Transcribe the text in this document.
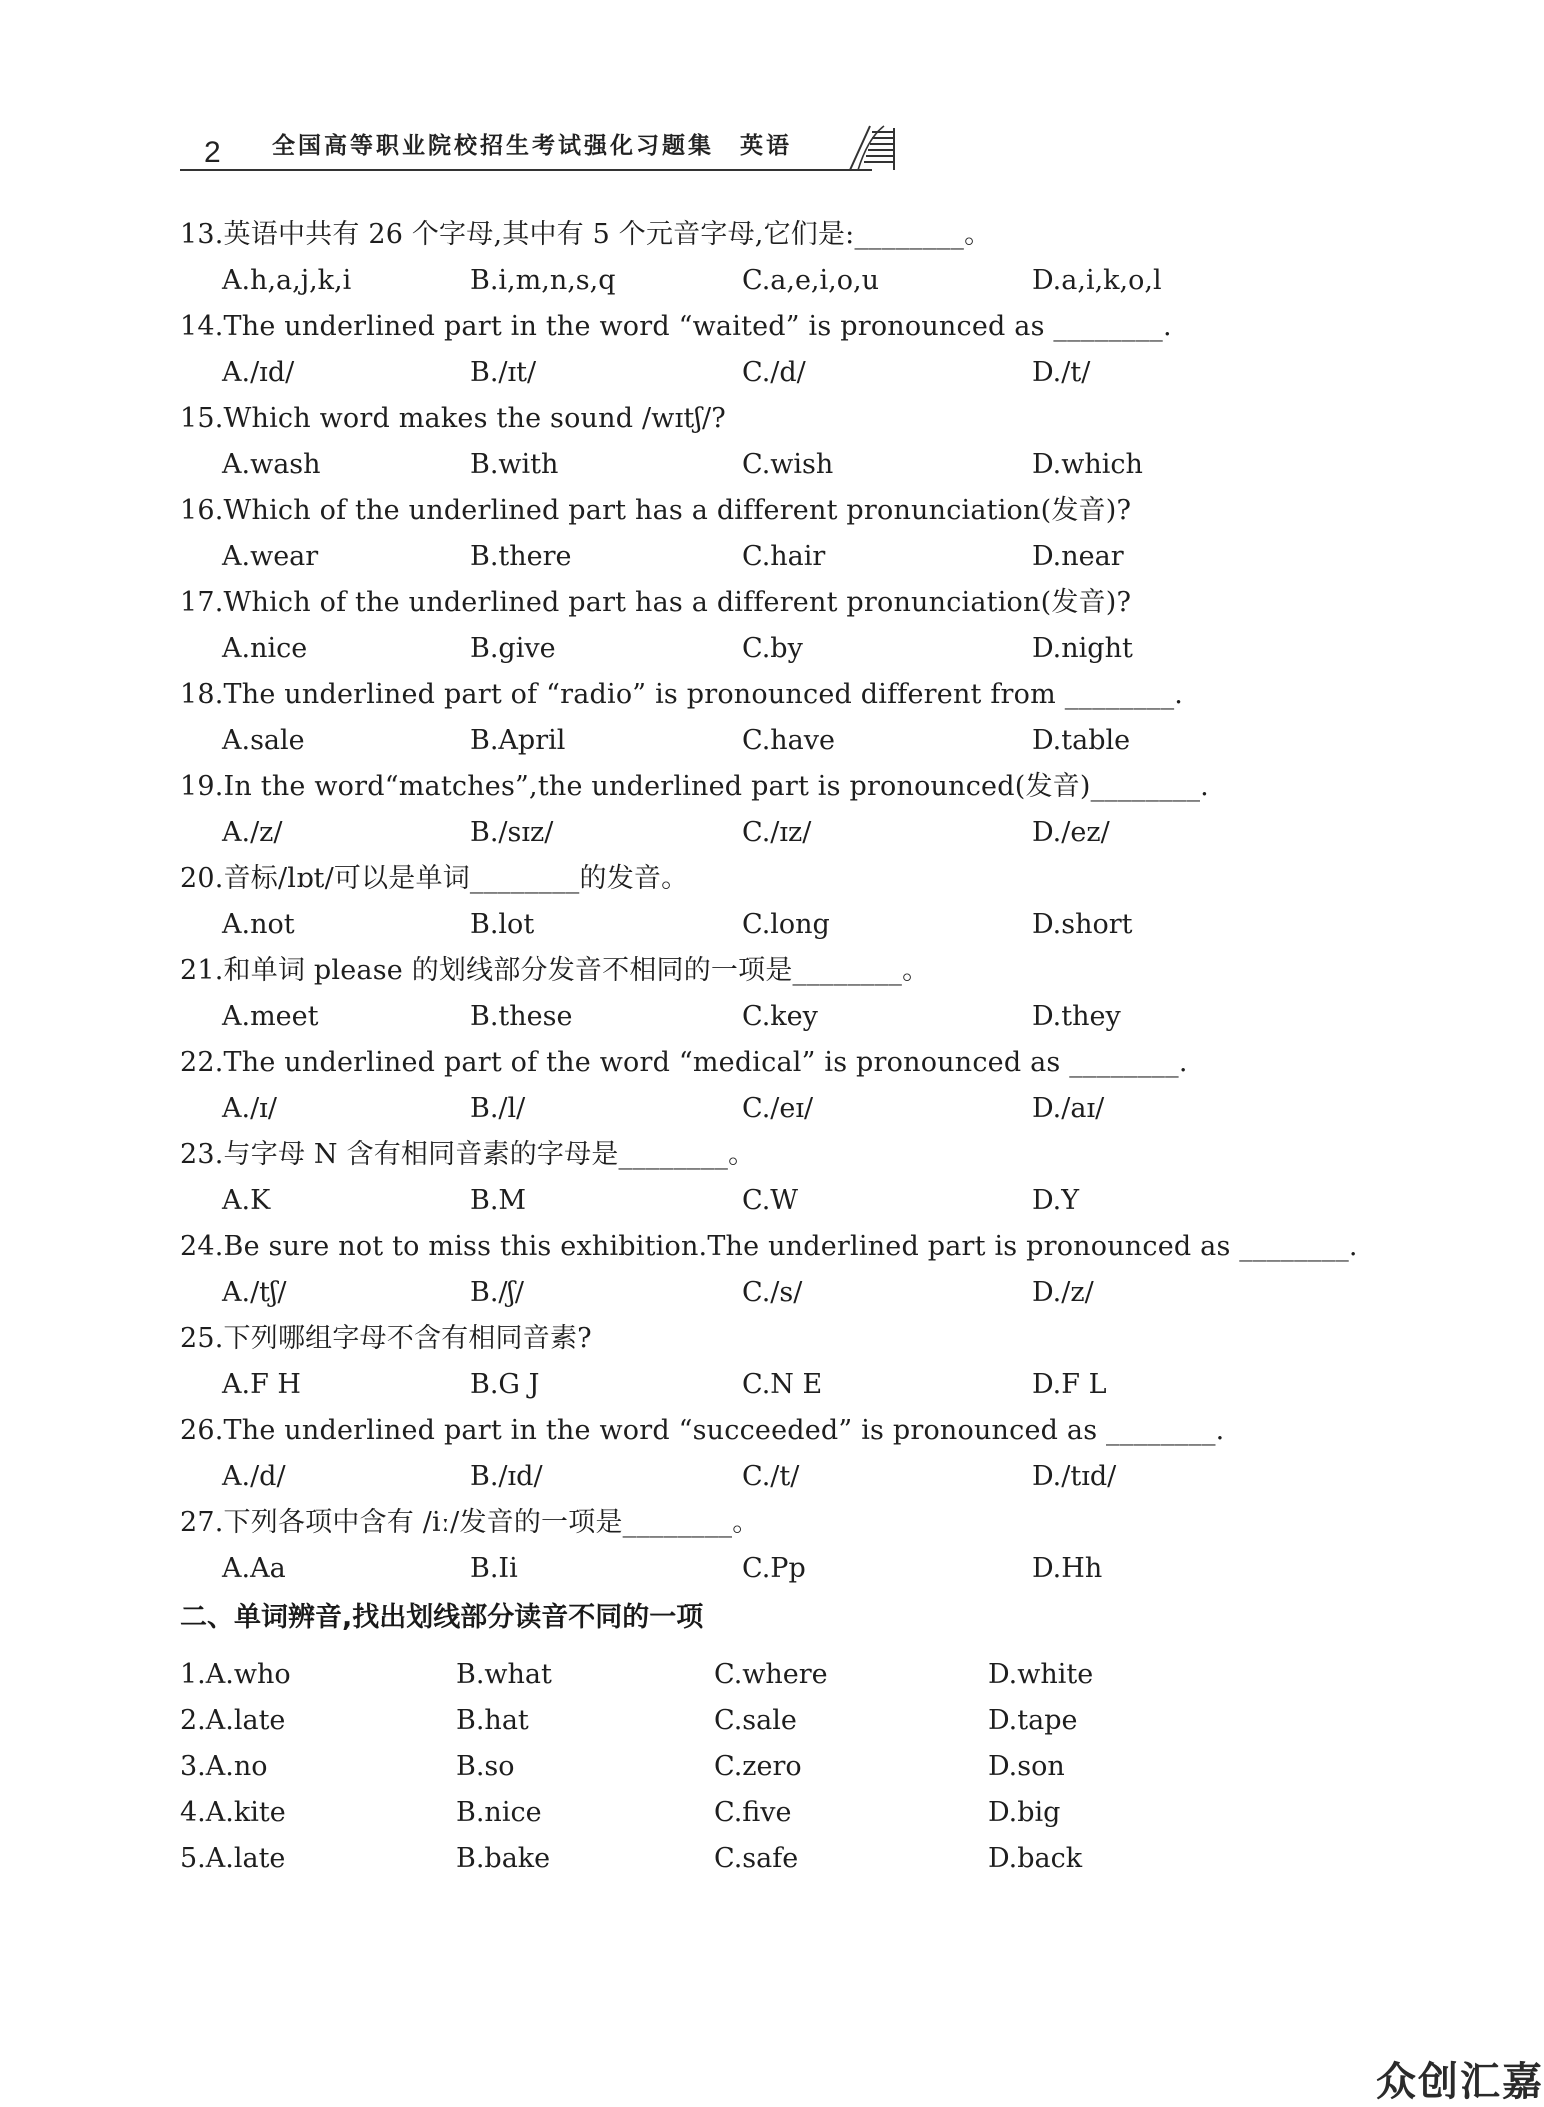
2 全国高等职业院校招生考试强化习题集 英语
13.英语中共有 26 个字母,其中有 5 个元音字母,它们是:________。
A.h,a,j,k,i	B.i,m,n,s,q	C.a,e,i,o,u	D.a,i,k,o,l
14.The underlined part in the word “waited” is pronounced as ________.
A./ɪd/	B./ɪt/	C./d/	D./t/
15.Which word makes the sound /wɪtʃ/?
A.wash	B.with	C.wish	D.which
16.Which of the underlined part has a different pronunciation(发音)?
A.wear	B.there	C.hair	D.near
17.Which of the underlined part has a different pronunciation(发音)?
A.nice	B.give	C.by	D.night
18.The underlined part of “radio” is pronounced different from ________.
A.sale	B.April	C.have	D.table
19.In the word“matches”,the underlined part is pronounced(发音)________.
A./z/	B./sɪz/	C./ɪz/	D./ez/
20.音标/lɒt/可以是单词________的发音。
A.not	B.lot	C.long	D.short
21.和单词 please 的划线部分发音不相同的一项是________。
A.meet	B.these	C.key	D.they
22.The underlined part of the word “medical” is pronounced as ________.
A./ɪ/	B./l/	C./eɪ/	D./aɪ/
23.与字母 N 含有相同音素的字母是________。
A.K	B.M	C.W	D.Y
24.Be sure not to miss this exhibition.The underlined part is pronounced as ________.
A./tʃ/	B./ʃ/	C./s/	D./z/
25.下列哪组字母不含有相同音素?
A.F H	B.G J	C.N E	D.F L
26.The underlined part in the word “succeeded” is pronounced as ________.
A./d/	B./ɪd/	C./t/	D./tɪd/
27.下列各项中含有 /iː/发音的一项是________。
A.Aa	B.Ii	C.Pp	D.Hh
二、单词辨音,找出划线部分读音不同的一项
1.A.who	B.what	C.where	D.white
2.A.late	B.hat	C.sale	D.tape
3.A.no	B.so	C.zero	D.son
4.A.kite	B.nice	C.five	D.big
5.A.late	B.bake	C.safe	D.back
众创汇嘉
